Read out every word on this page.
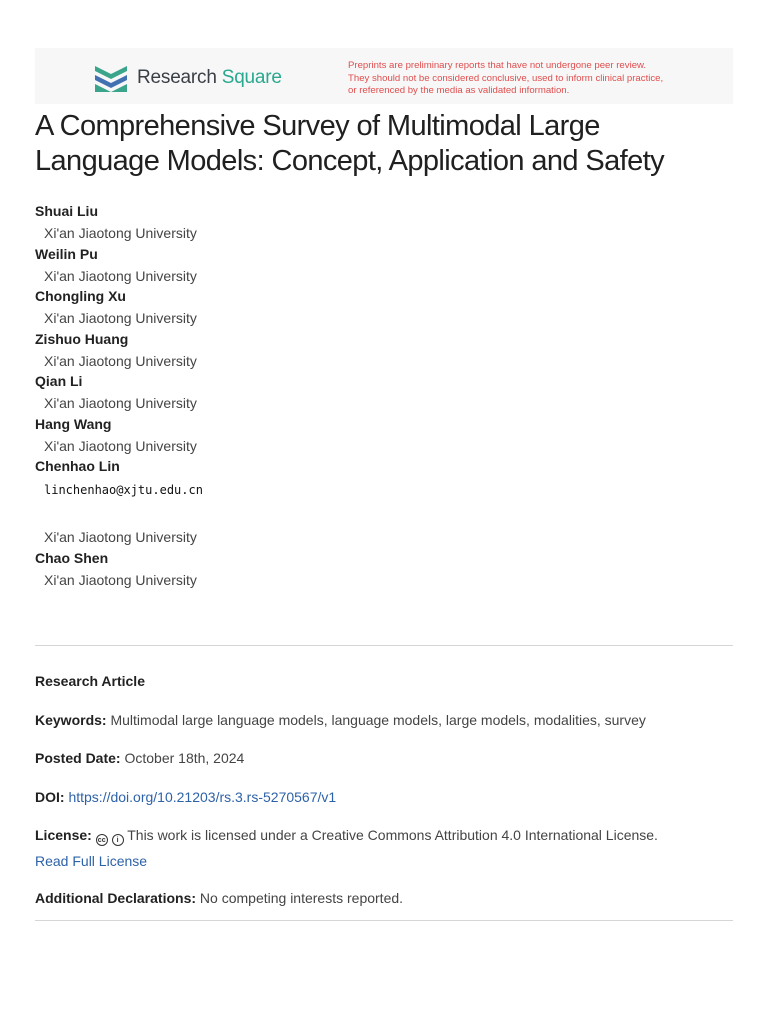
Research Square
Preprints are preliminary reports that have not undergone peer review.
They should not be considered conclusive, used to inform clinical practice,
or referenced by the media as validated information.
A Comprehensive Survey of Multimodal Large
Language Models: Concept, Application and Safety
Shuai Liu
Xi'an Jiaotong University
Weilin Pu
Xi'an Jiaotong University
Chongling Xu
Xi'an Jiaotong University
Zishuo Huang
Xi'an Jiaotong University
Qian Li
Xi'an Jiaotong University
Hang Wang
Xi'an Jiaotong University
Chenhao Lin
linchenhao@xjtu.edu.cn
Xi'an Jiaotong University
Chao Shen
Xi'an Jiaotong University
Research Article
Keywords: Multimodal large language models, language models, large models, modalities, survey
Posted Date: October 18th, 2024
DOI: https://doi.org/10.21203/rs.3.rs-5270567/v1
License: cc i This work is licensed under a Creative Commons Attribution 4.0 International License.
Read Full License
Additional Declarations: No competing interests reported.
